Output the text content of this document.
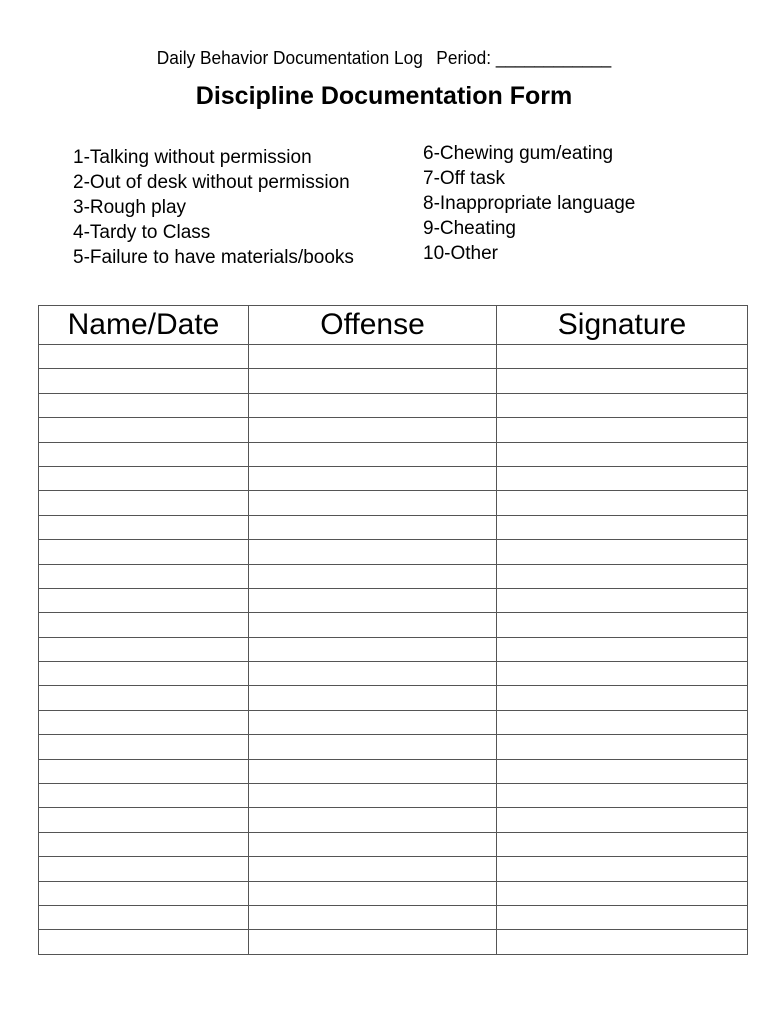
Daily Behavior Documentation Log Period: ____________
Discipline Documentation Form
1-Talking without permission
2-Out of desk without permission
3-Rough play
4-Tardy to Class
5-Failure to have materials/books
6-Chewing gum/eating
7-Off task
8-Inappropriate language
9-Cheating
10-Other
Name/Date	Offense	Signature
